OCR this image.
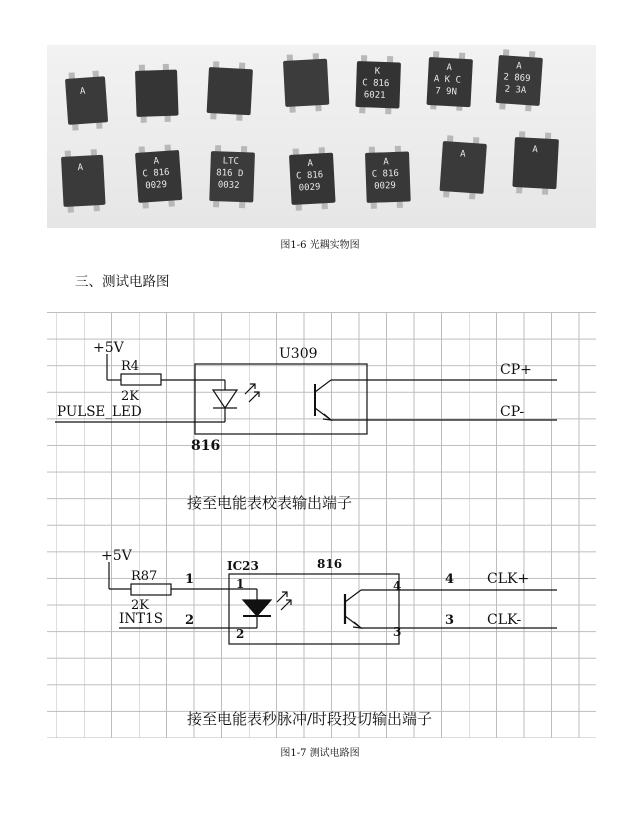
A
K
C 816
6021
A
A K C
7 9N
A
2 869
2 3A
A
A
C 816
0029
LTC
816 D
0032
A
C 816
0029
A
C 816
0029
A	A
图1-6 光耦实物图
三、测试电路图
+5V
R4
2K
PULSE_LED
U309
816
CP+
CP-
接至电能表校表输出端子
+5V
R87
2K
INT1S
1
2
IC23	816
1
2
4
3
4
3
CLK+
CLK-
接至电能表秒脉冲/时段投切输出端子
图1-7 测试电路图
